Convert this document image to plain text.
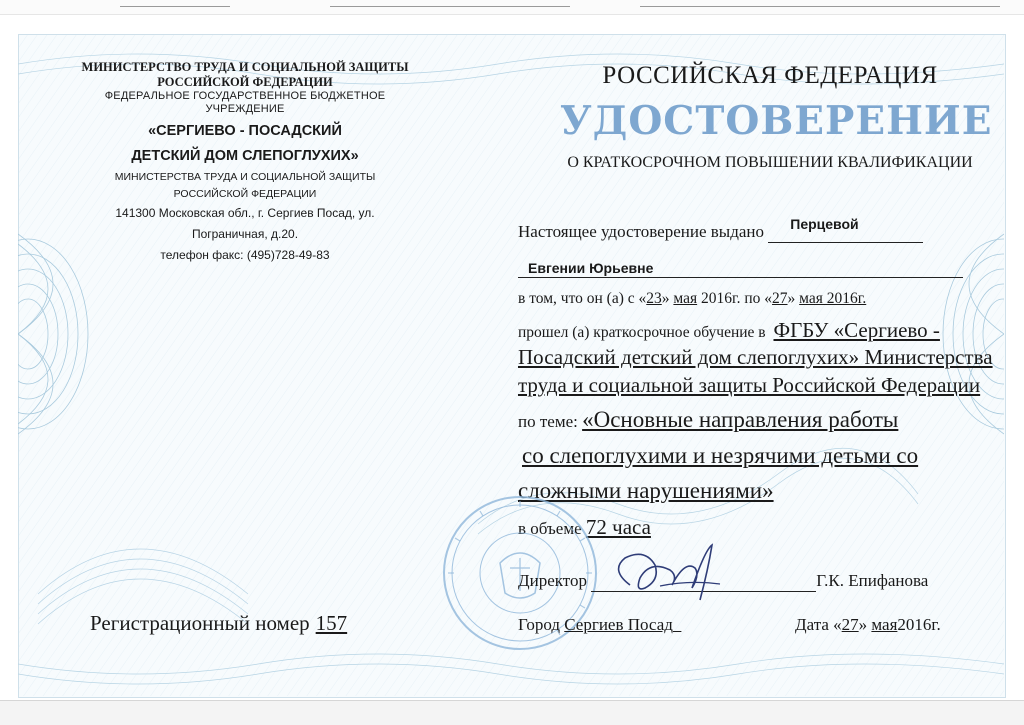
МИНИСТЕРСТВО ТРУДА И СОЦИАЛЬНОЙ ЗАЩИТЫ
РОССИЙСКОЙ ФЕДЕРАЦИИ
ФЕДЕРАЛЬНОЕ ГОСУДАРСТВЕННОЕ БЮДЖЕТНОЕ
УЧРЕЖДЕНИЕ
«СЕРГИЕВО - ПОСАДСКИЙ
ДЕТСКИЙ ДОМ СЛЕПОГЛУХИХ»
МИНИСТЕРСТВА ТРУДА И СОЦИАЛЬНОЙ ЗАЩИТЫ
РОССИЙСКОЙ ФЕДЕРАЦИИ
141300 Московская обл., г. Сергиев Посад, ул.
Пограничная, д.20.
телефон факс: (495)728-49-83
Регистрационный номер 157
РОССИЙСКАЯ ФЕДЕРАЦИЯ
УДОСТОВЕРЕНИЕ
О КРАТКОСРОЧНОМ ПОВЫШЕНИИ КВАЛИФИКАЦИИ
Настоящее удостоверение выдано Перцевой

Евгении Юрьевне
в том, что он (а) с «23» мая 2016г. по «27» мая 2016г.
прошел (а) краткосрочное обучение в ФГБУ «Сергиево -
Посадский детский дом слепоглухих» Министерства
труда и социальной защиты Российской Федерации
по теме: «Основные направления работы
со слепоглухими и незрячими детьми со
сложными нарушениями»
в объеме 72 часа
Директор	Г.К. Епифанова
Город Сергиев Посад	Дата «27» мая2016г.
